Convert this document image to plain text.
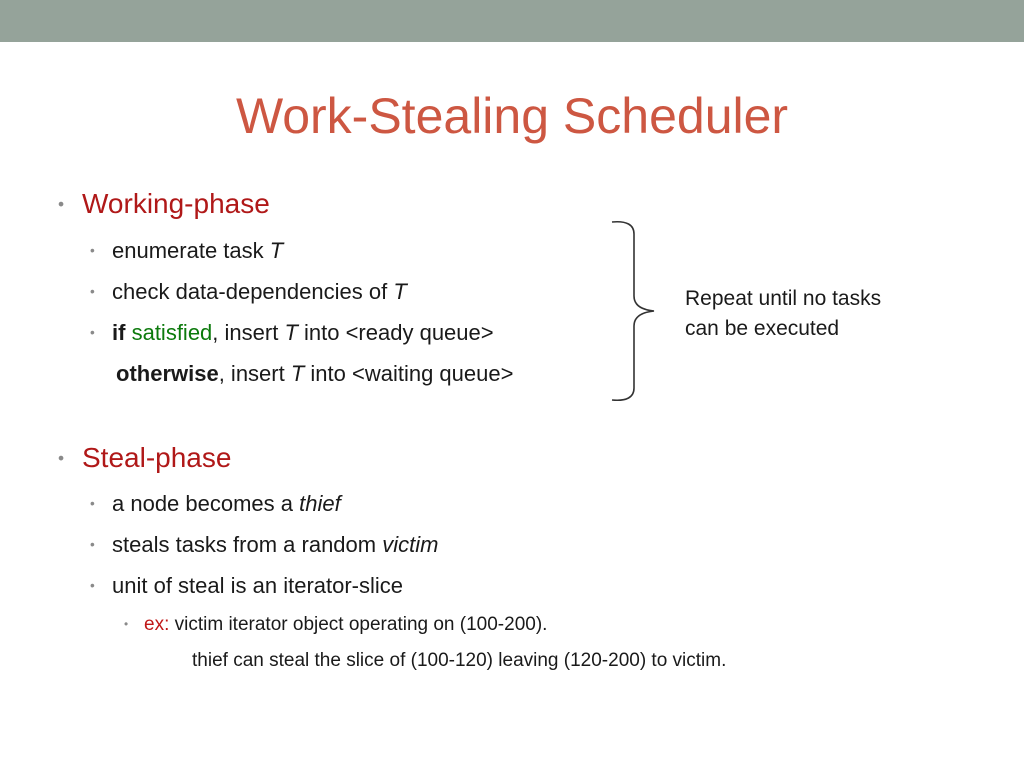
Work-Stealing Scheduler
• Working-phase
• enumerate task T
• check data-dependencies of T
• if satisfied, insert T into <ready queue>
otherwise, insert T into <waiting queue>
Repeat until no tasks
can be executed
• Steal-phase
• a node becomes a thief
• steals tasks from a random victim
• unit of steal is an iterator-slice
• ex: victim iterator object operating on (100-200).
thief can steal the slice of (100-120) leaving (120-200) to victim.
